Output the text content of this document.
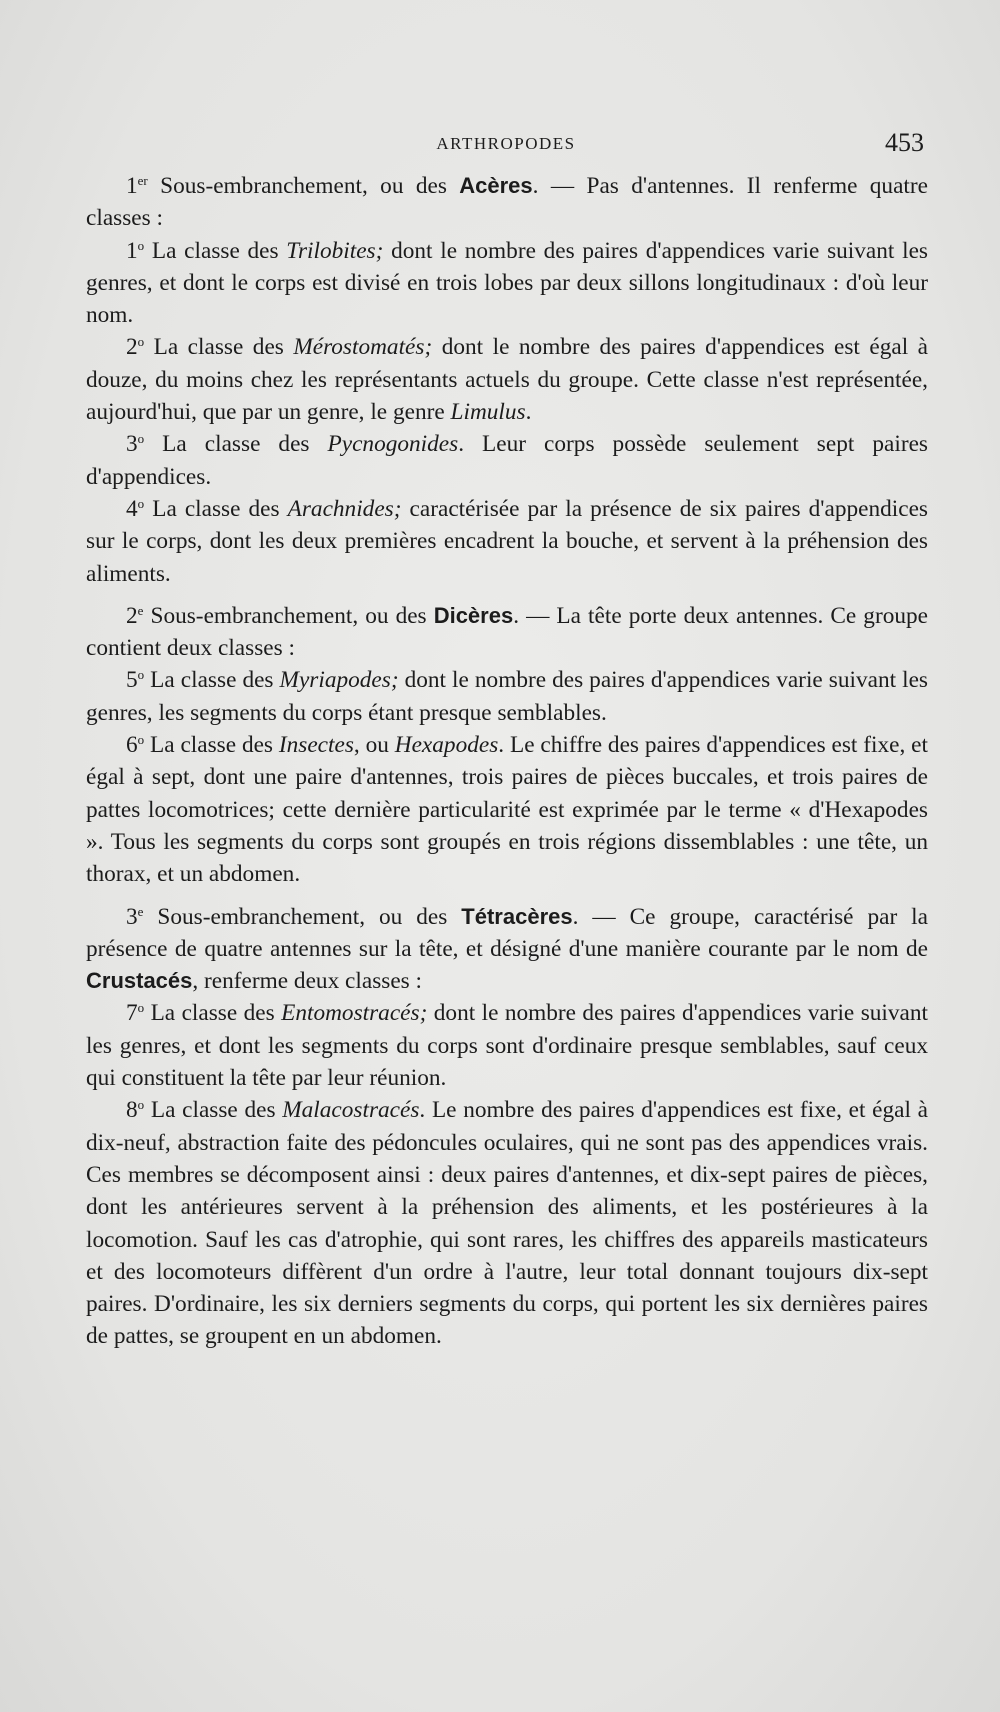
ARTHROPODES	453

1er Sous-embranchement, ou des Acères. — Pas d'antennes. Il renferme quatre classes :

1$^o$ La classe des Trilobites; dont le nombre des paires d'appendices varie suivant les genres, et dont le corps est divisé en trois lobes par deux sillons longitudinaux : d'où leur nom.

2$^o$ La classe des Mérostomatés; dont le nombre des paires d'appendices est égal à douze, du moins chez les représentants actuels du groupe. Cette classe n'est représentée, aujourd'hui, que par un genre, le genre Limulus.

3$^o$ La classe des Pycnogonides. Leur corps possède seulement sept paires d'appendices.

4$^o$ La classe des Arachnides; caractérisée par la présence de six paires d'appendices sur le corps, dont les deux premières encadrent la bouche, et servent à la préhension des aliments.

2e Sous-embranchement, ou des Dicères. — La tête porte deux antennes. Ce groupe contient deux classes :

5$^o$ La classe des Myriapodes; dont le nombre des paires d'appendices varie suivant les genres, les segments du corps étant presque semblables.

6$^o$ La classe des Insectes, ou Hexapodes. Le chiffre des paires d'appendices est fixe, et égal à sept, dont une paire d'antennes, trois paires de pièces buccales, et trois paires de pattes locomotrices; cette dernière particularité est exprimée par le terme « d'Hexapodes ». Tous les segments du corps sont groupés en trois régions dissemblables : une tête, un thorax, et un abdomen.

3e Sous-embranchement, ou des Tétracères. — Ce groupe, caractérisé par la présence de quatre antennes sur la tête, et désigné d'une manière courante par le nom de Crustacés, renferme deux classes :

7$^o$ La classe des Entomostracés; dont le nombre des paires d'appendices varie suivant les genres, et dont les segments du corps sont d'ordinaire presque semblables, sauf ceux qui constituent la tête par leur réunion.

8$^o$ La classe des Malacostracés. Le nombre des paires d'appendices est fixe, et égal à dix-neuf, abstraction faite des pédoncules oculaires, qui ne sont pas des appendices vrais. Ces membres se décomposent ainsi : deux paires d'antennes, et dix-sept paires de pièces, dont les antérieures servent à la préhension des aliments, et les postérieures à la locomotion. Sauf les cas d'atrophie, qui sont rares, les chiffres des appareils masticateurs et des locomoteurs diffèrent d'un ordre à l'autre, leur total donnant toujours dix-sept paires. D'ordinaire, les six derniers segments du corps, qui portent les six dernières paires de pattes, se groupent en un abdomen.
